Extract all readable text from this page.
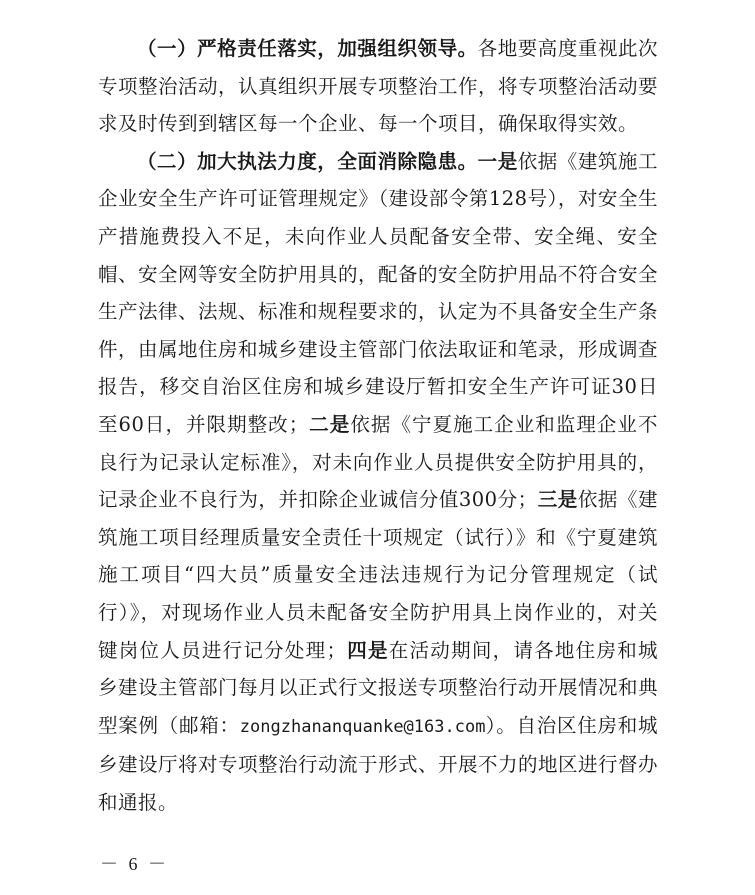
（一）严格责任落实，加强组织领导。各地要高度重视此次专项整治活动，认真组织开展专项整治工作，将专项整治活动要求及时传到到辖区每一个企业、每一个项目，确保取得实效。

（二）加大执法力度，全面消除隐患。一是依据《建筑施工企业安全生产许可证管理规定》（建设部令第128号），对安全生产措施费投入不足，未向作业人员配备安全带、安全绳、安全帽、安全网等安全防护用具的，配备的安全防护用品不符合安全生产法律、法规、标准和规程要求的，认定为不具备安全生产条件，由属地住房和城乡建设主管部门依法取证和笔录，形成调查报告，移交自治区住房和城乡建设厅暂扣安全生产许可证30日至60日，并限期整改；二是依据《宁夏施工企业和监理企业不良行为记录认定标准》，对未向作业人员提供安全防护用具的，记录企业不良行为，并扣除企业诚信分值300分；三是依据《建筑施工项目经理质量安全责任十项规定（试行）》和《宁夏建筑施工项目“四大员”质量安全违法违规行为记分管理规定（试行）》，对现场作业人员未配备安全防护用具上岗作业的，对关键岗位人员进行记分处理；四是在活动期间，请各地住房和城乡建设主管部门每月以正式行文报送专项整治行动开展情况和典型案例（邮箱：zongzhananquanke@163.com）。自治区住房和城乡建设厅将对专项整治行动流于形式、开展不力的地区进行督办和通报。

－ 6 －
